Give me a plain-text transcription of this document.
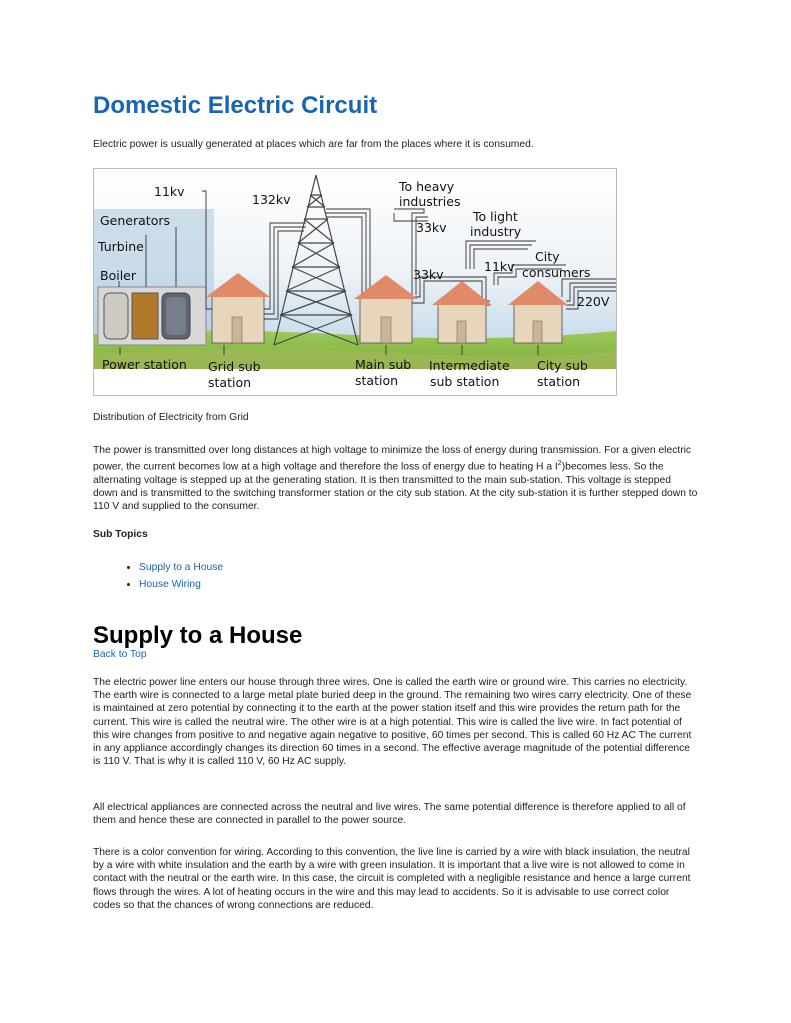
Domestic Electric Circuit

Electric power is usually generated at places which are far from the places where it is consumed.

11kv
132kv
To heavy
industries
To light
industry
33kv
33kv
11kv
City
consumers
220V
Generators
Turbine
Boiler
Power station Grid sub
station
Main sub
station
Intermediate
sub station
City sub
station

Distribution of Electricity from Grid

The power is transmitted over long distances at high voltage to minimize the loss of energy during transmission. For a given electric power, the current becomes low at a high voltage and therefore the loss of energy due to heating H a $I^2)becomes$ less. So the alternating voltage is stepped up at the generating station. It is then transmitted to the main sub-station. This voltage is stepped down and is transmitted to the switching transformer station or the city sub station. At the city sub-station it is further stepped down to 110 V and supplied to the consumer.

Sub Topics
• Supply to a House
• House Wiring
Supply to a House
Back to Top

The electric power line enters our house through three wires. One is called the earth wire or ground wire. This carries no electricity. The earth wire is connected to a large metal plate buried deep in the ground. The remaining two wires carry electricity. One of these is maintained at zero potential by connecting it to the earth at the power station itself and this wire provides the return path for the current. This wire is called the neutral wire. The other wire is at a high potential. This wire is called the live wire. In fact potential of this wire changes from positive to and negative again negative to positive, 60 times per second. This is called 60 Hz AC The current in any appliance accordingly changes its direction 60 times in a second. The effective average magnitude of the potential difference is 110 V. That is why it is called 110 V, 60 Hz AC supply.

All electrical appliances are connected across the neutral and live wires. The same potential difference is therefore applied to all of them and hence these are connected in parallel to the power source.

There is a color convention for wiring. According to this convention, the live line is carried by a wire with black insulation, the neutral by a wire with white insulation and the earth by a wire with green insulation. It is important that a live wire is not allowed to come in contact with the neutral or the earth wire. In this case, the circuit is completed with a negligible resistance and hence a large current flows through the wires. A lot of heating occurs in the wire and this may lead to accidents. So it is advisable to use correct color codes so that the chances of wrong connections are reduced.
